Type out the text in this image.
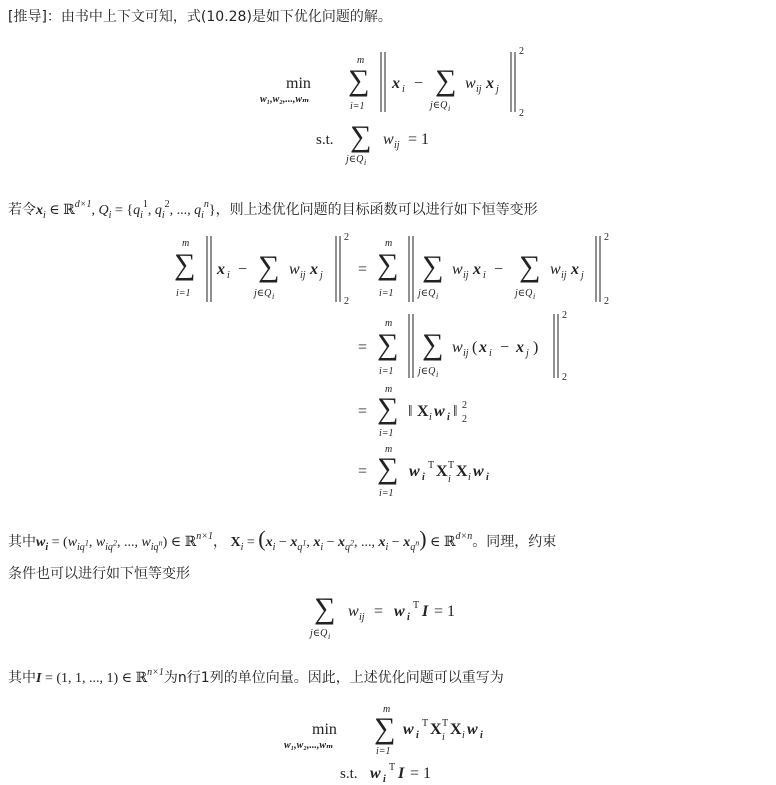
[推导]：由书中上下文可知，式(10.28)是如下优化问题的解。
min
w₁,w₂,...,wₘ
m
∑
i=1
x i − ∑
j∈Q i
w ij x j
2
2
s.t. ∑
j∈Q i
w ij = 1
若令$x_i$ ∈ ℝ$^{d\times 1}$, $Q_i = \{q_i^1$, $q_i^2$, ..., $q_i^n$}，则上述优化问题的目标函数可以进行如下恒等变形
m
∑
i=1
x i − ∑
j∈Q i
w ij x j
2
2
=
m
∑
i=1
∑
j∈Q i
w ij x i − ∑
j∈Q i
w ij x j
2
2
=
m
∑
i=1
∑
j∈Q i
w ij ( x i − x j )
2
2
=
m
∑
i=1
‖ X i w i ‖ 2
2
=
m
∑
i=1
w i
T X T
i X i w i
其中$w_i = (w_{iq^1}$, $w_{iq^2}$, ..., $w_{iq^n}$) ∈ ℝ$^{n\times 1}$， $X_i = (x_i - x_{q^1}$, $x_i - x_{q^2}$, ..., $x_i - x_{q^n}$) ∈ ℝ$^{d\times n}$。同理，约束
条件也可以进行如下恒等变形
∑
j∈Q i
w ij = w i
T I = 1
其中I = (1, 1, ..., 1) ∈ ℝ$^{n\times 1}$为n行1列的单位向量。因此，上述优化问题可以重写为
min
w₁,w₂,...,wₘ
m
∑
i=1
w i
T X T
i X i w i
s.t. w i
T I = 1
